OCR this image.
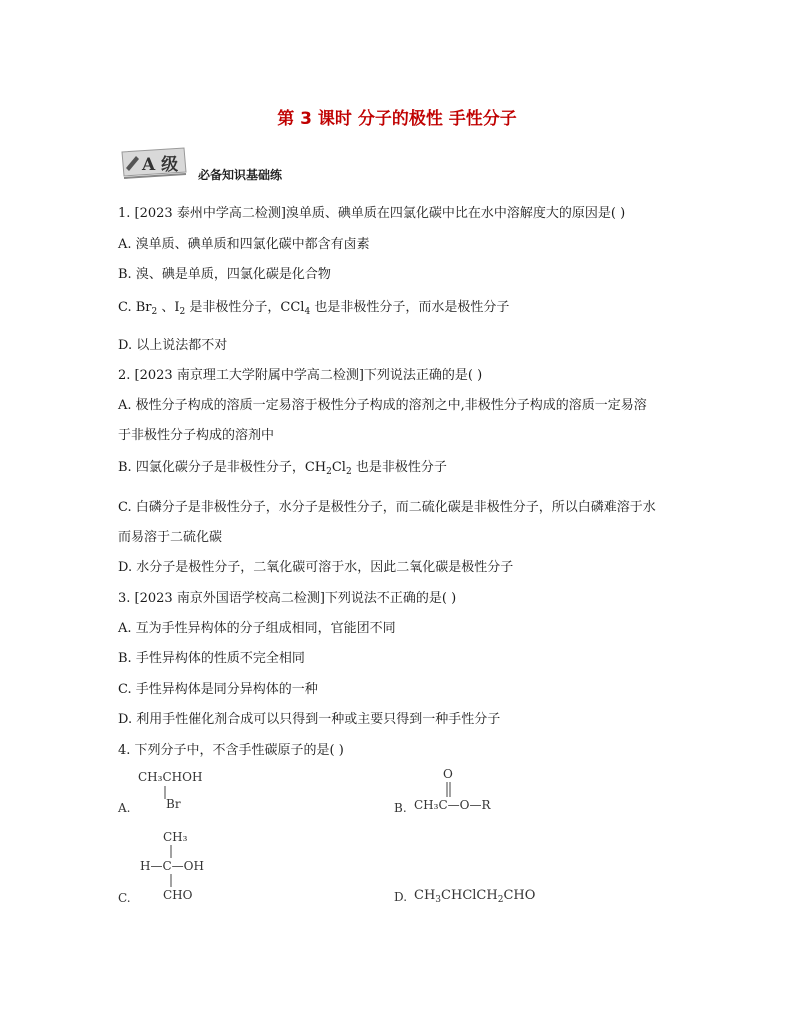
第 3 课时 分子的极性 手性分子
A 级 必备知识基础练
1. [2023 泰州中学高二检测]溴单质、碘单质在四氯化碳中比在水中溶解度大的原因是( )
A. 溴单质、碘单质和四氯化碳中都含有卤素
B. 溴、碘是单质，四氯化碳是化合物
C. $Br_2$ 、$I_2$ 是非极性分子，CCl$_4$ 也是非极性分子，而水是极性分子
D. 以上说法都不对
2. [2023 南京理工大学附属中学高二检测]下列说法正确的是( )
A. 极性分子构成的溶质一定易溶于极性分子构成的溶剂之中,非极性分子构成的溶质一定易溶
于非极性分子构成的溶剂中
B. 四氯化碳分子是非极性分子，$CH_2Cl_2$ 也是非极性分子
C. 白磷分子是非极性分子，水分子是极性分子，而二硫化碳是非极性分子，所以白磷难溶于水
而易溶于二硫化碳
D. 水分子是极性分子，二氧化碳可溶于水，因此二氧化碳是极性分子
3. [2023 南京外国语学校高二检测]下列说法不正确的是( )
A. 互为手性异构体的分子组成相同，官能团不同
B. 手性异构体的性质不完全相同
C. 手性异构体是同分异构体的一种
D. 利用手性催化剂合成可以只得到一种或主要只得到一种手性分子
4. 下列分子中，不含手性碳原子的是( )
CH₃CHOH
Br
A.
O
CH₃C—O—R
B.
CH₃
H—C—OH
CHO
C.	D. $CH_3CHClCH_2CHO$
